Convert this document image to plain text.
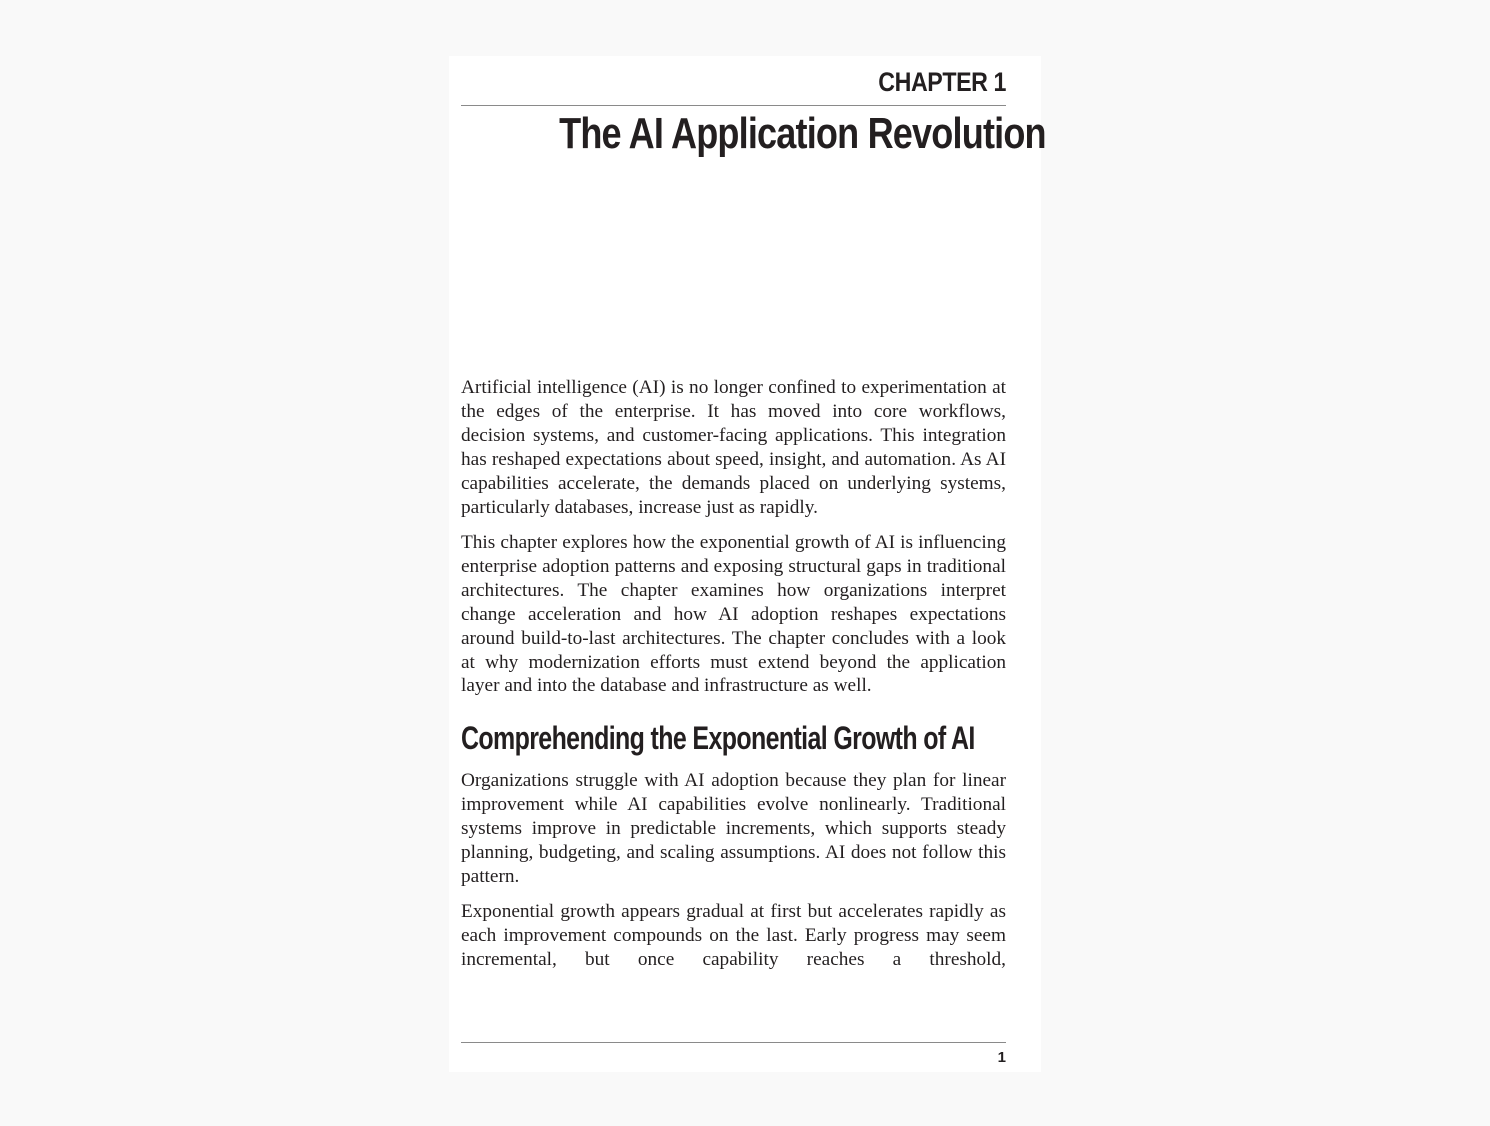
CHAPTER 1
The AI Application Revolution

Artificial intelligence (AI) is no longer confined to experimentation at the edges of the enterprise. It has moved into core workflows, decision systems, and customer-facing applications. This integration has reshaped expectations about speed, insight, and automation. As AI capabilities accelerate, the demands placed on underlying systems, particularly databases, increase just as rapidly.

This chapter explores how the exponential growth of AI is influencing enterprise adoption patterns and exposing structural gaps in traditional architectures. The chapter examines how organizations interpret change acceleration and how AI adoption reshapes expectations around build-to-last architectures. The chapter concludes with a look at why modernization efforts must extend beyond the application layer and into the database and infrastructure as well.

Comprehending the Exponential Growth of AI

Organizations struggle with AI adoption because they plan for linear improvement while AI capabilities evolve nonlinearly. Traditional systems improve in predictable increments, which supports steady planning, budgeting, and scaling assumptions. AI does not follow this pattern.

Exponential growth appears gradual at first but accelerates rapidly as each improvement compounds on the last. Early progress may seem incremental, but once capability reaches a threshold,

1
